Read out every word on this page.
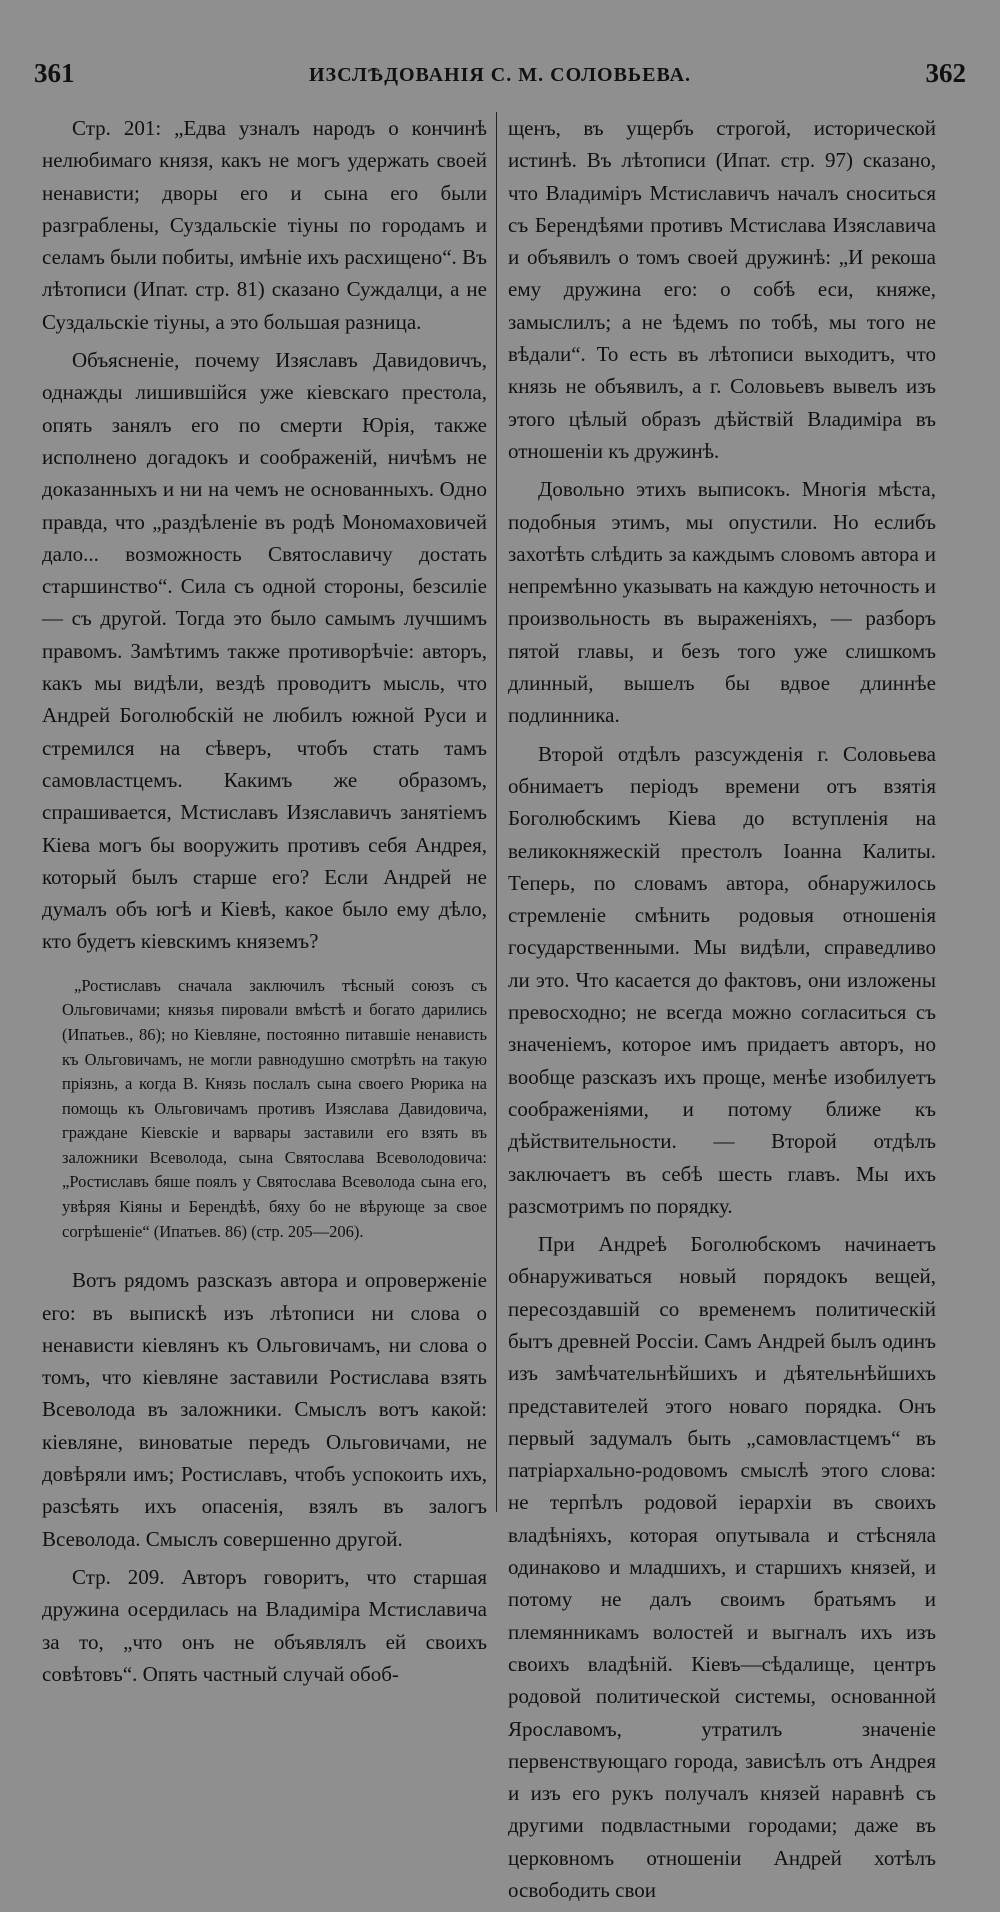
361	ИЗСЛѢДОВАНІЯ С. М. СОЛОВЬЕВА.	362

Стр. 201: „Едва узналъ народъ о кончинѣ нелюбимаго князя, какъ не могъ удержать своей ненависти; дворы его и сына его были разграблены, Суздальскіе тіуны по городамъ и селамъ были побиты, имѣніе ихъ расхищено“. Въ лѣтописи (Ипат. стр. 81) сказано Суждалци, а не Суздальскіе тіуны, а это большая разница.

Объясненіе, почему Изяславъ Давидовичъ, однажды лишившійся уже кіевскаго престола, опять занялъ его по смерти Юрія, также исполнено догадокъ и соображеній, ничѣмъ не доказанныхъ и ни на чемъ не основанныхъ. Одно правда, что „раздѣленіе въ родѣ Мономаховичей дало... возможность Святославичу достать старшинство“. Сила съ одной стороны, безсиліе — съ другой. Тогда это было самымъ лучшимъ правомъ. Замѣтимъ также противорѣчіе: авторъ, какъ мы видѣли, вездѣ проводитъ мысль, что Андрей Боголюбскій не любилъ южной Руси и стремился на сѣверъ, чтобъ стать тамъ самовластцемъ. Какимъ же образомъ, спрашивается, Мстиславъ Изяславичъ занятіемъ Кіева могъ бы вооружить противъ себя Андрея, который былъ старше его? Если Андрей не думалъ объ югѣ и Кіевѣ, какое было ему дѣло, кто будетъ кіевскимъ княземъ?

„Ростиславъ сначала заключилъ тѣсный союзъ съ Ольговичами; князья пировали вмѣстѣ и богато дарились (Ипатьев., 86); но Кіевляне, постоянно питавшіе ненависть къ Ольговичамъ, не могли равнодушно смотрѣть на такую пріязнь, а когда В. Князь послалъ сына своего Рюрика на помощь къ Ольговичамъ противъ Изяслава Давидовича, граждане Кіевскіе и варвары заставили его взять въ заложники Всеволода, сына Святослава Всеволодовича: „Ростиславъ бяше поялъ у Святослава Всеволода сына его, увѣряя Кіяны и Берендѣѣ, бяху бо не вѣрующе за свое согрѣшеніе“ (Ипатьев. 86) (стр. 205—206).

Вотъ рядомъ разсказъ автора и опроверженіе его: въ выпискѣ изъ лѣтописи ни слова о ненависти кіевлянъ къ Ольговичамъ, ни слова о томъ, что кіевляне заставили Ростислава взять Всеволода въ заложники. Смыслъ вотъ какой: кіевляне, виноватые передъ Ольговичами, не довѣряли имъ; Ростиславъ, чтобъ успокоить ихъ, разсѣять ихъ опасенія, взялъ въ залогъ Всеволода. Смыслъ совершенно другой.

Стр. 209. Авторъ говоритъ, что старшая дружина осердилась на Владиміра Мстиславича за то, „что онъ не объявлялъ ей своихъ совѣтовъ“. Опять частный случай обоб-

щенъ, въ ущербъ строгой, исторической истинѣ. Въ лѣтописи (Ипат. стр. 97) сказано, что Владиміръ Мстиславичъ началъ сноситься съ Берендѣями противъ Мстислава Изяславича и объявилъ о томъ своей дружинѣ: „И рекоша ему дружина его: о собѣ еси, княже, замыслилъ; а не ѣдемъ по тобѣ, мы того не вѣдали“. То есть въ лѣтописи выходитъ, что князь не объявилъ, а г. Соловьевъ вывелъ изъ этого цѣлый образъ дѣйствій Владиміра въ отношеніи къ дружинѣ.

Довольно этихъ выписокъ. Многія мѣста, подобныя этимъ, мы опустили. Но еслибъ захотѣть слѣдить за каждымъ словомъ автора и непремѣнно указывать на каждую неточность и произвольность въ выраженіяхъ, — разборъ пятой главы, и безъ того уже слишкомъ длинный, вышелъ бы вдвое длиннѣе подлинника.

Второй отдѣлъ разсужденія г. Соловьева обнимаетъ періодъ времени отъ взятія Боголюбскимъ Кіева до вступленія на великокняжескій престолъ Іоанна Калиты. Теперь, по словамъ автора, обнаружилось стремленіе смѣнить родовыя отношенія государственными. Мы видѣли, справедливо ли это. Что касается до фактовъ, они изложены превосходно; не всегда можно согласиться съ значеніемъ, которое имъ придаетъ авторъ, но вообще разсказъ ихъ проще, менѣе изобилуетъ соображеніями, и потому ближе къ дѣйствительности. — Второй отдѣлъ заключаетъ въ себѣ шесть главъ. Мы ихъ разсмотримъ по порядку.

При Андреѣ Боголюбскомъ начинаетъ обнаруживаться новый порядокъ вещей, пересоздавшій со временемъ политическій бытъ древней Россіи. Самъ Андрей былъ одинъ изъ замѣчательнѣйшихъ и дѣятельнѣйшихъ представителей этого новаго порядка. Онъ первый задумалъ быть „самовластцемъ“ въ патріархально-родовомъ смыслѣ этого слова: не терпѣлъ родовой іерархіи въ своихъ владѣніяхъ, которая опутывала и стѣсняла одинаково и младшихъ, и старшихъ князей, и потому не далъ своимъ братьямъ и племянникамъ волостей и выгналъ ихъ изъ своихъ владѣній. Кіевъ—сѣдалище, центръ родовой политической системы, основанной Ярославомъ, утратилъ значеніе первенствующаго города, зависѣлъ отъ Андрея и изъ его рукъ получалъ князей наравнѣ съ другими подвластными городами; даже въ церковномъ отношеніи Андрей хотѣлъ освободить свои
